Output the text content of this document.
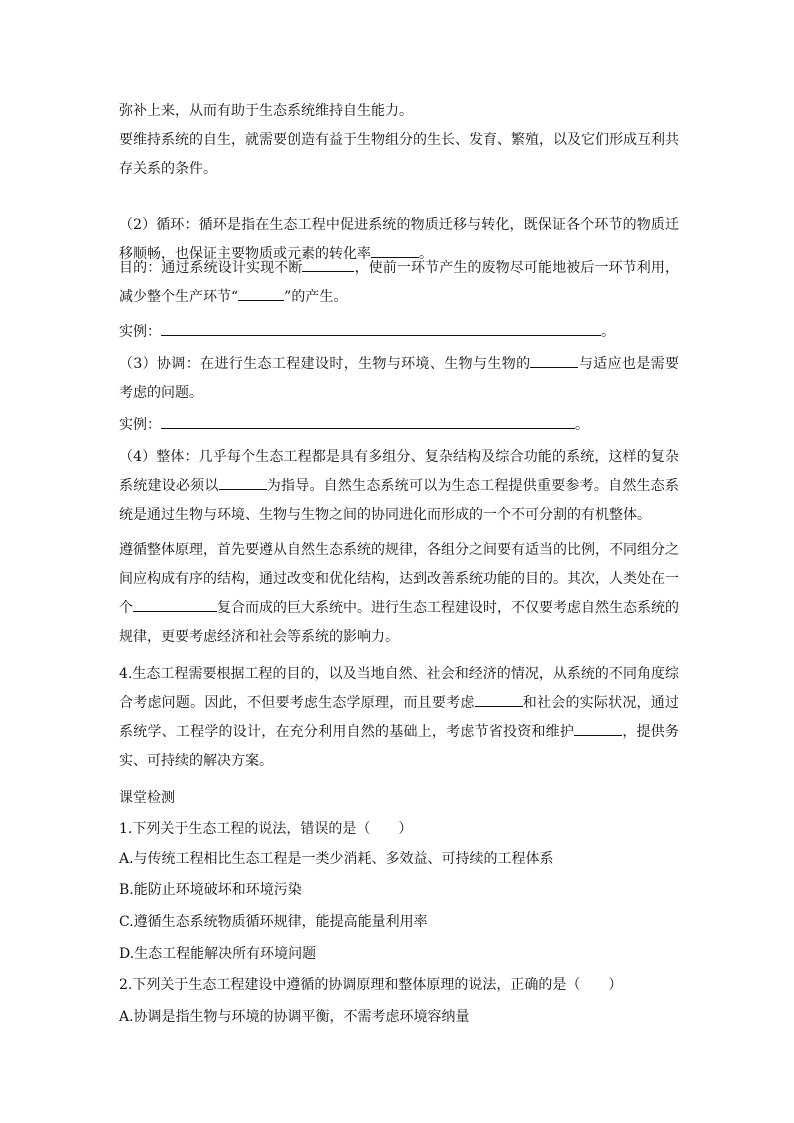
弥补上来，从而有助于生态系统维持自生能力。
要维持系统的自生，就需要创造有益于生物组分的生长、发育、繁殖，以及它们形成互利共存关系的条件。
（2）循环：循环是指在生态工程中促进系统的物质迁移与转化，既保证各个环节的物质迁移顺畅，也保证主要物质或元素的转化率	。
目的：通过系统设计实现不断	，使前一环节产生的废物尽可能地被后一环节利用，减少整个生产环节“	”的产生。
实例：	。
（3）协调：在进行生态工程建设时，生物与环境、生物与生物的	与适应也是需要考虑的问题。
实例：	。
（4）整体：几乎每个生态工程都是具有多组分、复杂结构及综合功能的系统，这样的复杂系统建设必须以	为指导。自然生态系统可以为生态工程提供重要参考。自然生态系统是通过生物与环境、生物与生物之间的协同进化而形成的一个不可分割的有机整体。
遵循整体原理，首先要遵从自然生态系统的规律，各组分之间要有适当的比例，不同组分之间应构成有序的结构，通过改变和优化结构，达到改善系统功能的目的。其次，人类处在一个	复合而成的巨大系统中。进行生态工程建设时，不仅要考虑自然生态系统的规律，更要考虑经济和社会等系统的影响力。
4.生态工程需要根据工程的目的，以及当地自然、社会和经济的情况，从系统的不同角度综合考虑问题。因此，不但要考虑生态学原理，而且要考虑	和社会的实际状况，通过系统学、工程学的设计，在充分利用自然的基础上，考虑节省投资和维护	，提供务实、可持续的解决方案。
课堂检测
1.下列关于生态工程的说法，错误的是（　　）
A.与传统工程相比生态工程是一类少消耗、多效益、可持续的工程体系
B.能防止环境破坏和环境污染
C.遵循生态系统物质循环规律，能提高能量利用率
D.生态工程能解决所有环境问题
2.下列关于生态工程建设中遵循的协调原理和整体原理的说法，正确的是（　　）
A.协调是指生物与环境的协调平衡，不需考虑环境容纳量
